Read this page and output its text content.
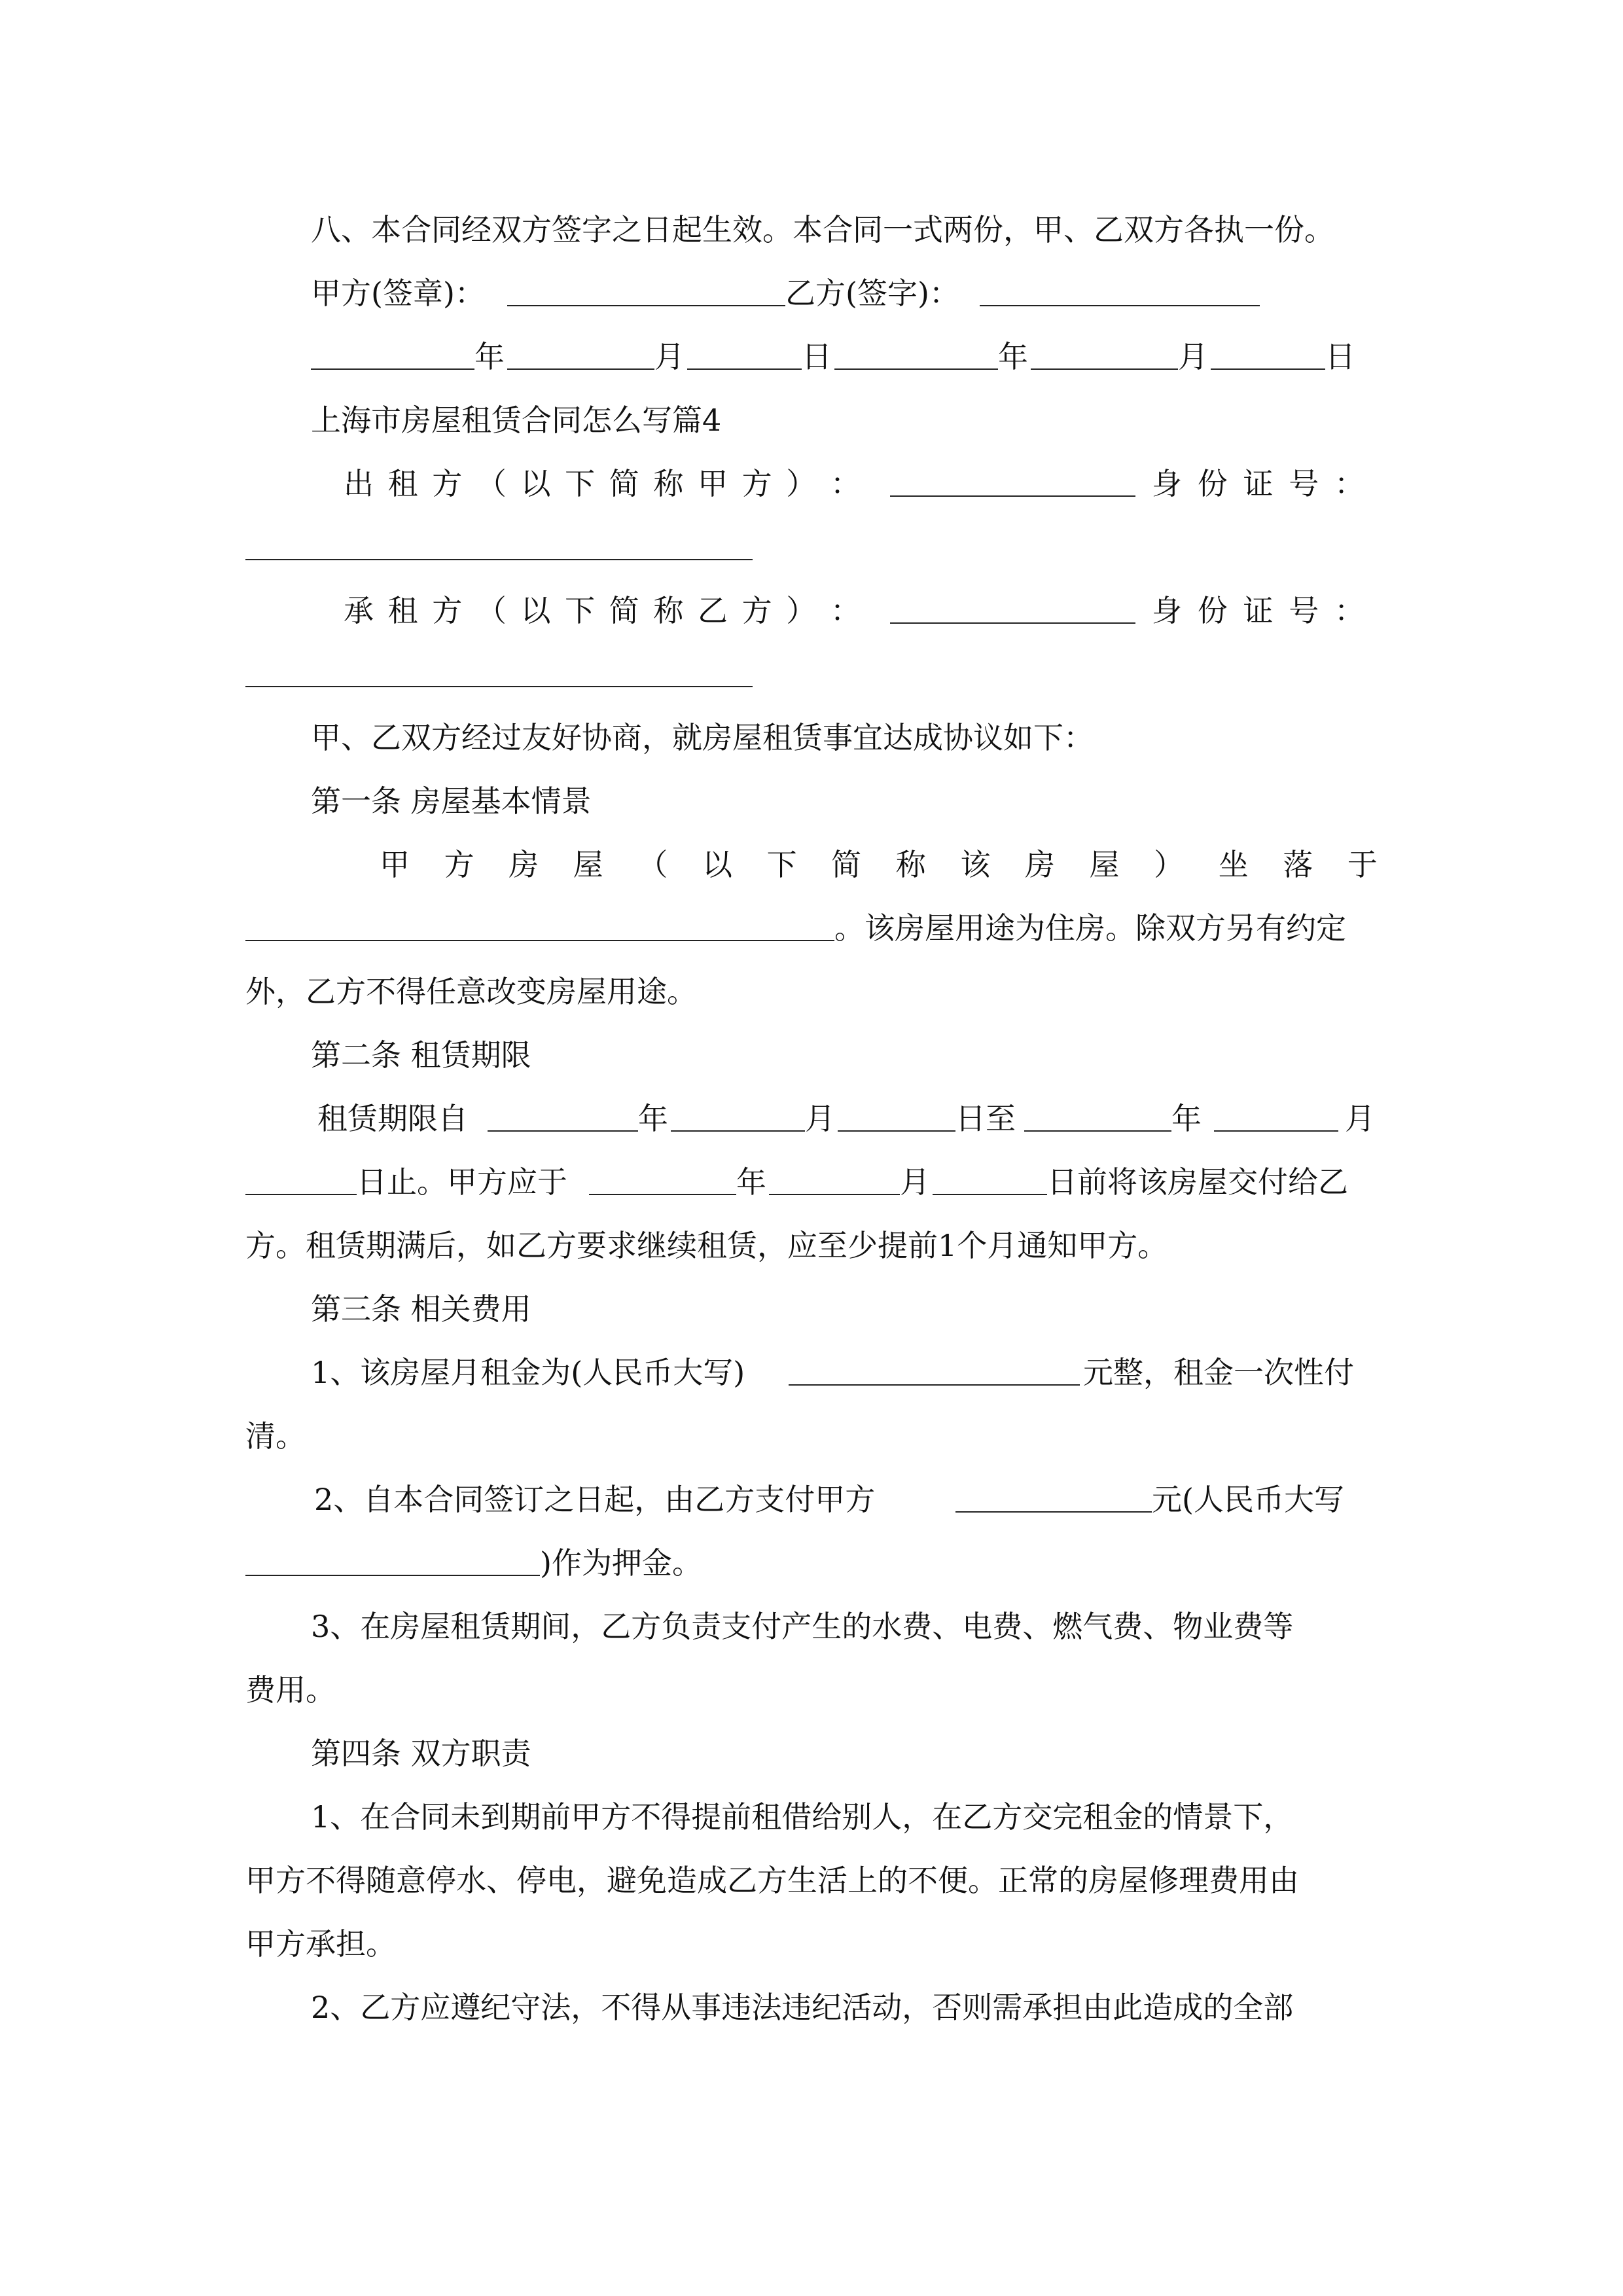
八、本合同经双方签字之日起生效。本合同一式两份，甲、乙双方各执一份。
甲方(签章)：	乙方(签字)：
年	月	日	年	月	日
上海市房屋租赁合同怎么写篇4
出 租 方 （ 以 下 简 称 甲 方 ） ：	身 份 证 号 ：
承 租 方 （ 以 下 简 称 乙 方 ） ：	身 份 证 号 ：
甲、乙双方经过友好协商，就房屋租赁事宜达成协议如下：
第一条 房屋基本情景
甲 方 房 屋 （ 以 下 简 称 该 房 屋 ） 坐 落 于
。该房屋用途为住房。除双方另有约定
外，乙方不得任意改变房屋用途。
第二条 租赁期限
租赁期限自	年	月	日至	年	月
日止。甲方应于	年	月	日前将该房屋交付给乙
方。租赁期满后，如乙方要求继续租赁，应至少提前1个月通知甲方。
第三条 相关费用
1、该房屋月租金为(人民币大写)	元整，租金一次性付
清。
2、自本合同签订之日起，由乙方支付甲方	元(人民币大写
)作为押金。
3、在房屋租赁期间，乙方负责支付产生的水费、电费、燃气费、物业费等
费用。
第四条 双方职责
1、在合同未到期前甲方不得提前租借给别人，在乙方交完租金的情景下，
甲方不得随意停水、停电，避免造成乙方生活上的不便。正常的房屋修理费用由
甲方承担。
2、乙方应遵纪守法，不得从事违法违纪活动，否则需承担由此造成的全部
